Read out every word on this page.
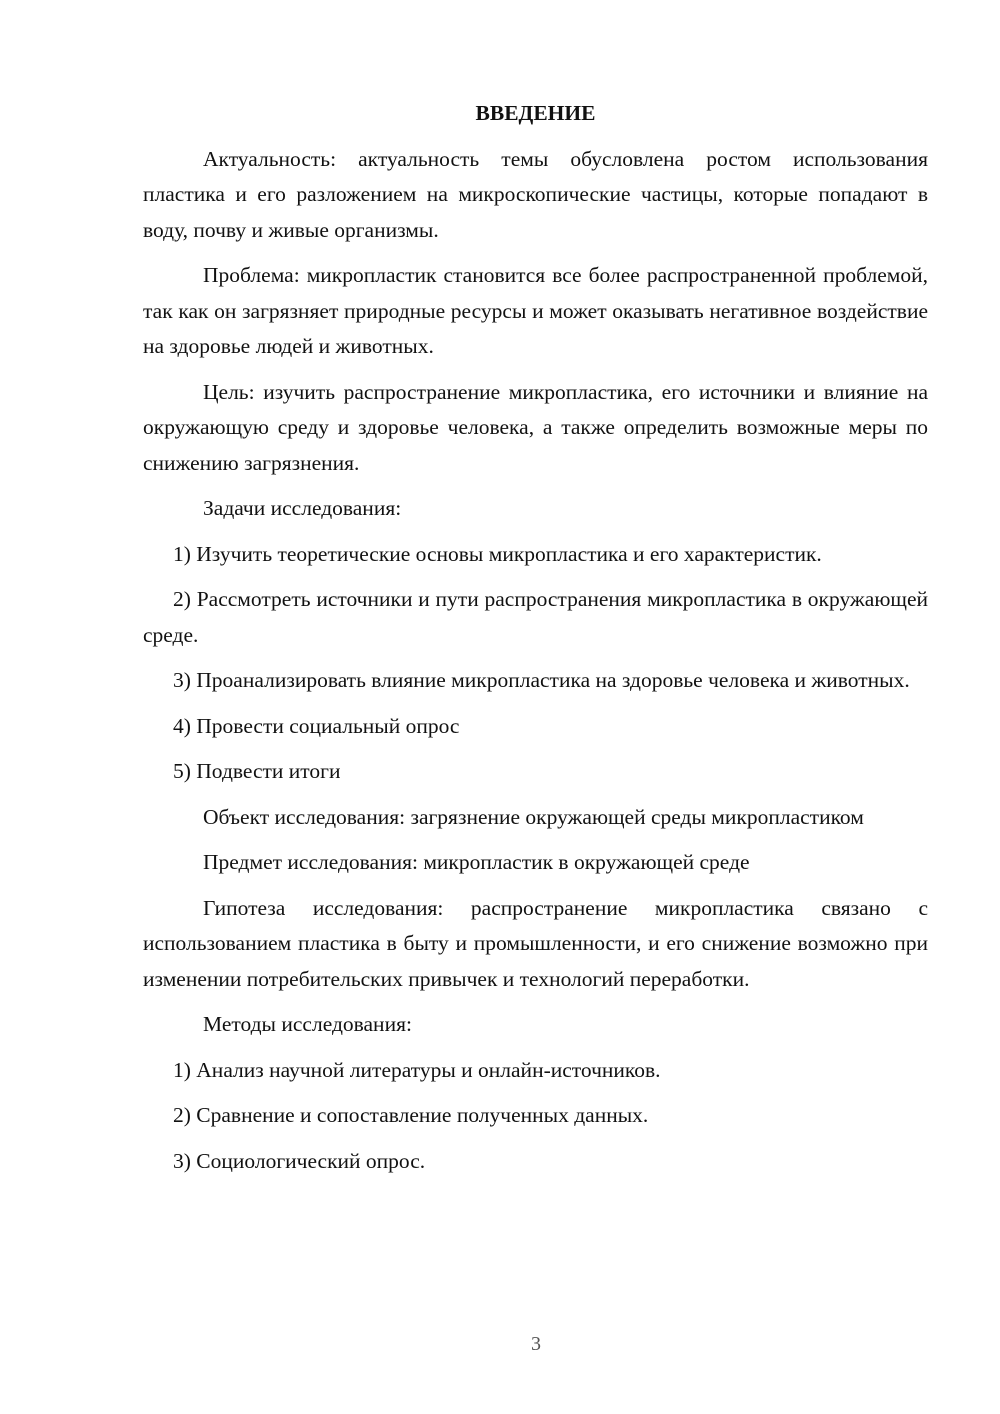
ВВЕДЕНИЕ

Актуальность: актуальность темы обусловлена ростом использования пластика и его разложением на микроскопические частицы, которые попадают в воду, почву и живые организмы.

Проблема: микропластик становится все более распространенной проблемой, так как он загрязняет природные ресурсы и может оказывать негативное воздействие на здоровье людей и животных.

Цель: изучить распространение микропластика, его источники и влияние на окружающую среду и здоровье человека, а также определить возможные меры по снижению загрязнения.

Задачи исследования:

1) Изучить теоретические основы микропластика и его характеристик.

2) Рассмотреть источники и пути распространения микропластика в окружающей среде.

3) Проанализировать влияние микропластика на здоровье человека и животных.

4) Провести социальный опрос

5) Подвести итоги

Объект исследования: загрязнение окружающей среды микропластиком

Предмет исследования: микропластик в окружающей среде

Гипотеза исследования: распространение микропластика связано с использованием пластика в быту и промышленности, и его снижение возможно при изменении потребительских привычек и технологий переработки.

Методы исследования:

1) Анализ научной литературы и онлайн-источников.

2) Сравнение и сопоставление полученных данных.

3) Социологический опрос.

3
